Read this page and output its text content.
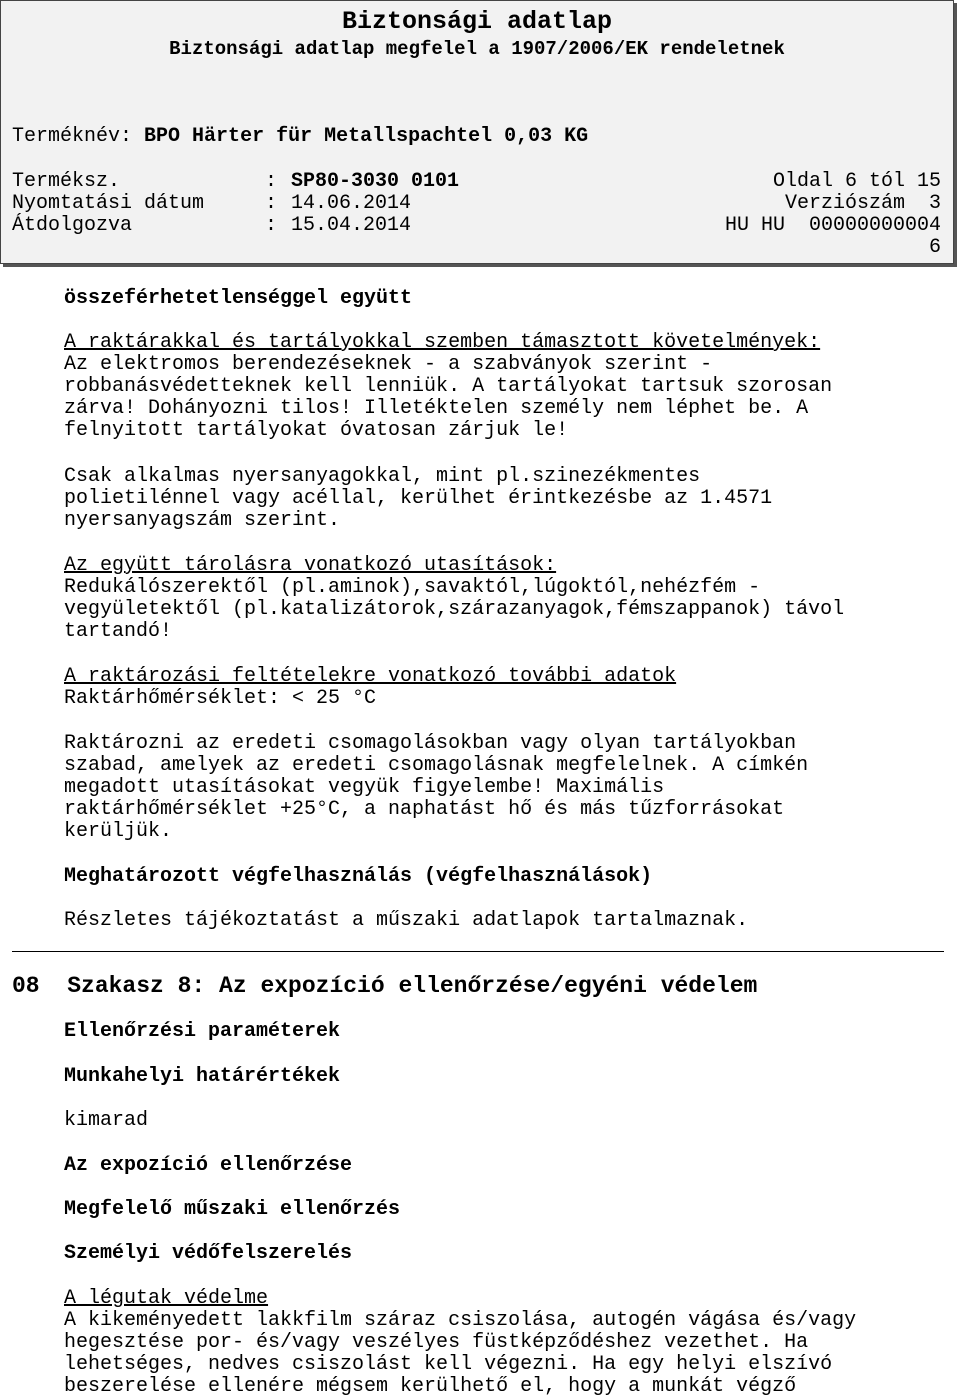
Biztonsági adatlap
Biztonsági adatlap megfelel a 1907/2006/EK rendeletnek
Terméknév: BPO Härter für Metallspachtel 0,03 KG
Terméksz.	: SP80-3030 0101	Oldal 6 tól 15
Nyomtatási dátum	: 14.06.2014	Verziószám  3
Átdolgozva	: 15.04.2014	HU HU  00000000004
6
összeférhetetlenséggel együtt
A raktárakkal és tartályokkal szemben támasztott követelmények:
Az elektromos berendezéseknek - a szabványok szerint -
robbanásvédetteknek kell lenniük. A tartályokat tartsuk szorosan
zárva! Dohányozni tilos! Illetéktelen személy nem léphet be. A
felnyitott tartályokat óvatosan zárjuk le!
Csak alkalmas nyersanyagokkal, mint pl.szinezékmentes
polietilénnel vagy acéllal, kerülhet érintkezésbe az 1.4571
nyersanyagszám szerint.
Az együtt tárolásra vonatkozó utasítások:
Redukálószerektől (pl.aminok),savaktól,lúgoktól,nehézfém -
vegyületektől (pl.katalizátorok,szárazanyagok,fémszappanok) távol
tartandó!
A raktározási feltételekre vonatkozó további adatok
Raktárhőmérséklet: < 25 °C
Raktározni az eredeti csomagolásokban vagy olyan tartályokban
szabad, amelyek az eredeti csomagolásnak megfelelnek. A címkén
megadott utasításokat vegyük figyelembe! Maximális
raktárhőmérséklet +25°C, a naphatást hő és más tűzforrásokat
kerüljük.
Meghatározott végfelhasználás (végfelhasználások)
Részletes tájékoztatást a műszaki adatlapok tartalmaznak.
08  Szakasz 8: Az expozíció ellenőrzése/egyéni védelem
Ellenőrzési paraméterek
Munkahelyi határértékek
kimarad
Az expozíció ellenőrzése
Megfelelő műszaki ellenőrzés
Személyi védőfelszerelés
A légutak védelme
A kikeményedett lakkfilm száraz csiszolása, autogén vágása és/vagy
hegesztése por- és/vagy veszélyes füstképződéshez vezethet. Ha
lehetséges, nedves csiszolást kell végezni. Ha egy helyi elszívó
beszerelése ellenére mégsem kerülhető el, hogy a munkát végző
